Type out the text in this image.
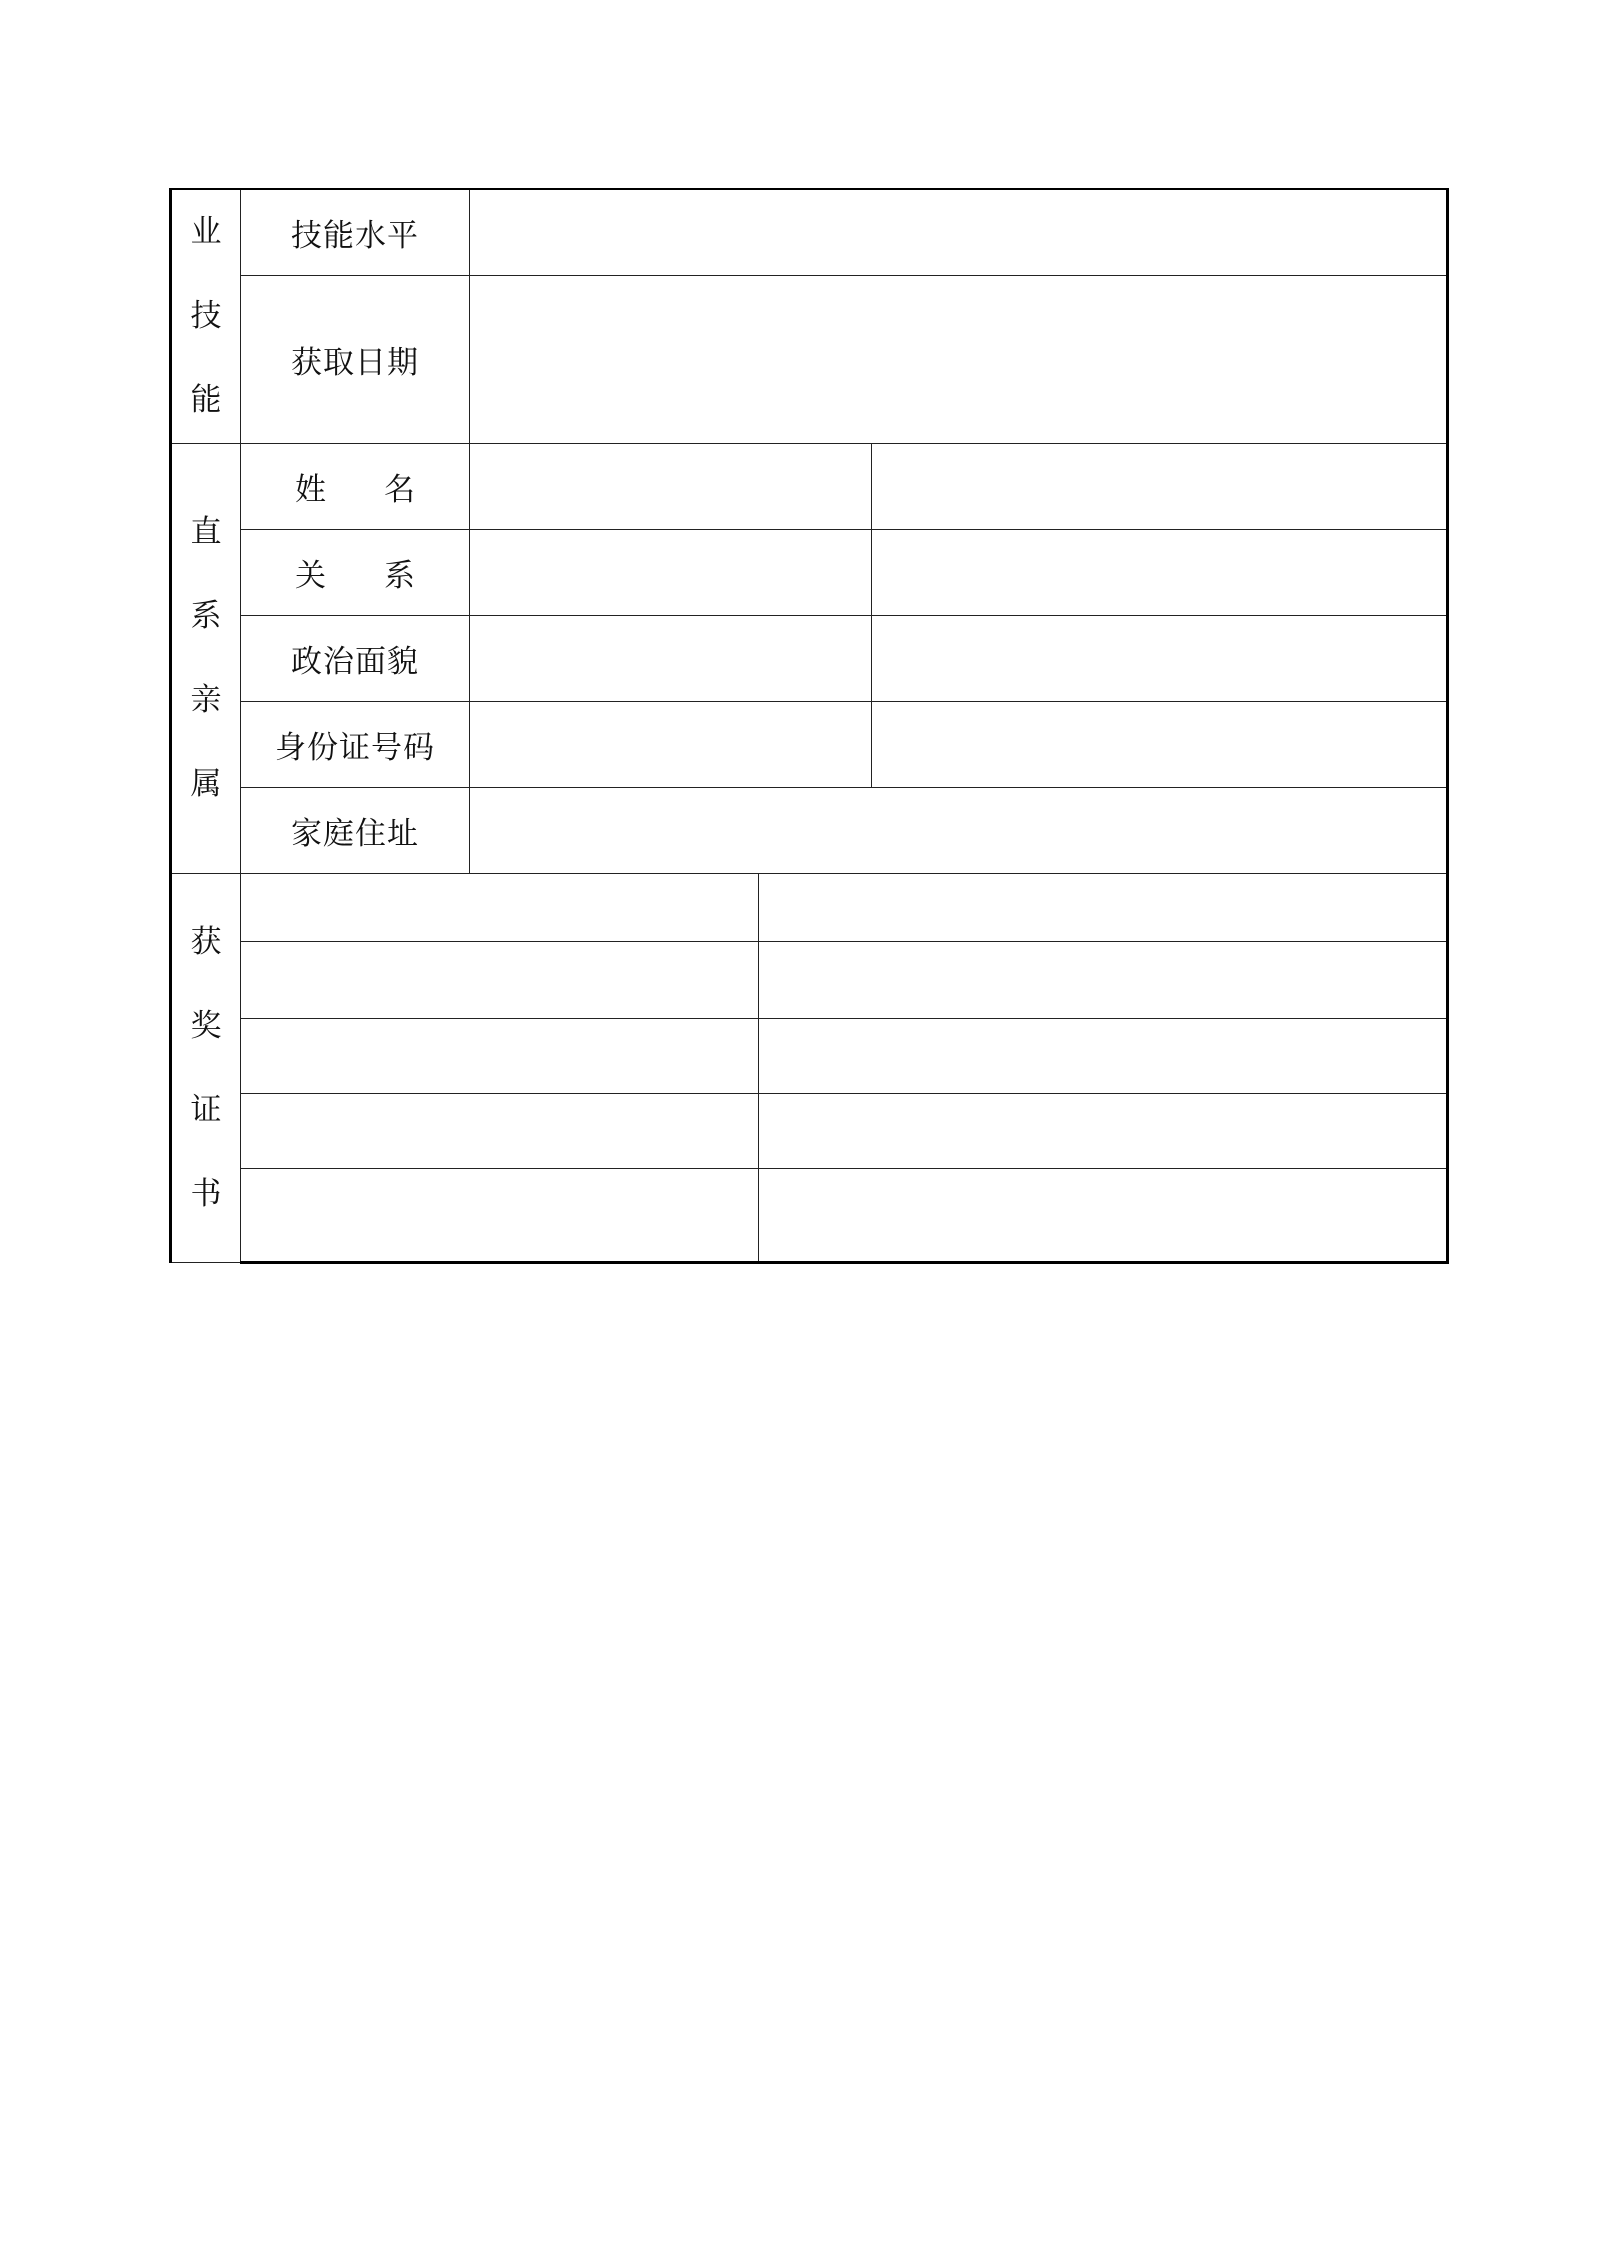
业
技
能	技能水平			
	获取日期			

直
系
亲
属	姓 名			
	关 系			
	政治面貌			
	身份证号码			
	家庭住址			

获
奖
证
书				
